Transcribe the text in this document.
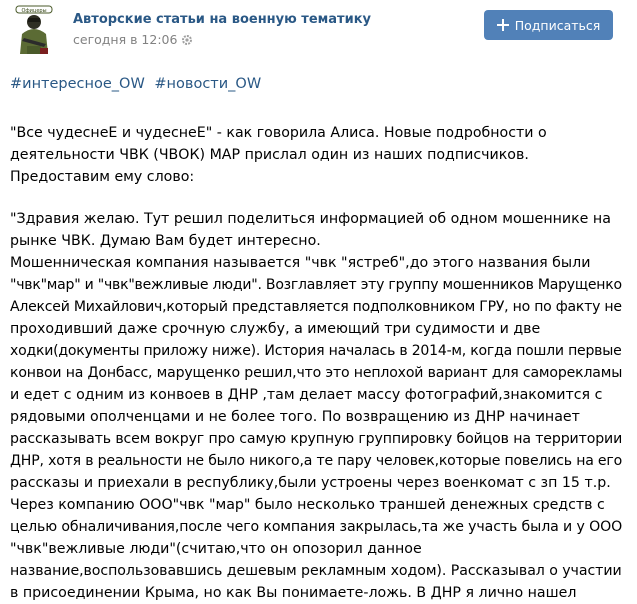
Офицеры
Авторские статьи на военную тематику
сегодня в 12:06
Подписаться
#интересное_OW #новости_OW
"Все чудеснеЕ и чудеснеЕ" - как говорила Алиса. Новые подробности о
деятельности ЧВК (ЧВОК) МАР прислал один из наших подписчиков.
Предоставим ему слово:
"Здравия желаю. Тут решил поделиться информацией об одном мошеннике на
рынке ЧВК. Думаю Вам будет интересно.
Мошенническая компания называется "чвк "ястреб",до этого названия были
"чвк"мар" и "чвк"вежливые люди". Возглавляет эту группу мошенников Марущенко
Алексей Михайлович,который представляется подполковником ГРУ, но по факту не
проходивший даже срочную службу, а имеющий три судимости и две
ходки(документы приложу ниже). История началась в 2014-м, когда пошли первые
конвои на Донбасс, марущенко решил,что это неплохой вариант для саморекламы
и едет с одним из конвоев в ДНР ,там делает массу фотографий,знакомится с
рядовыми ополченцами и не более того. По возвращению из ДНР начинает
рассказывать всем вокруг про самую крупную группировку бойцов на территории
ДНР, хотя в реальности не было никого,а те пару человек,которые повелись на его
рассказы и приехали в республику,были устроены через военкомат с зп 15 т.р.
Через компанию ООО"чвк "мар" было несколько траншей денежных средств с
целью обналичивания,после чего компания закрылась,та же участь была и у ООО
"чвк"вежливые люди"(считаю,что он опозорил данное
название,воспользовавшись дешевым рекламным ходом). Рассказывал о участии
в присоединении Крыма, но как Вы понимаете-ложь. В ДНР я лично нашел
